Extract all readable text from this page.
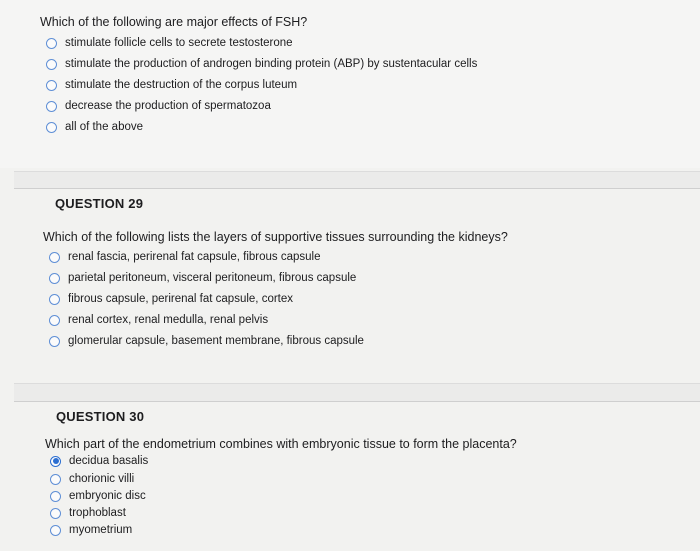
Which of the following are major effects of FSH?
stimulate follicle cells to secrete testosterone
stimulate the production of androgen binding protein (ABP) by sustentacular cells
stimulate the destruction of the corpus luteum
decrease the production of spermatozoa
all of the above
QUESTION 29
Which of the following lists the layers of supportive tissues surrounding the kidneys?
renal fascia, perirenal fat capsule, fibrous capsule
parietal peritoneum, visceral peritoneum, fibrous capsule
fibrous capsule, perirenal fat capsule, cortex
renal cortex, renal medulla, renal pelvis
glomerular capsule, basement membrane, fibrous capsule
QUESTION 30
Which part of the endometrium combines with embryonic tissue to form the placenta?
decidua basalis
chorionic villi
embryonic disc
trophoblast
myometrium
